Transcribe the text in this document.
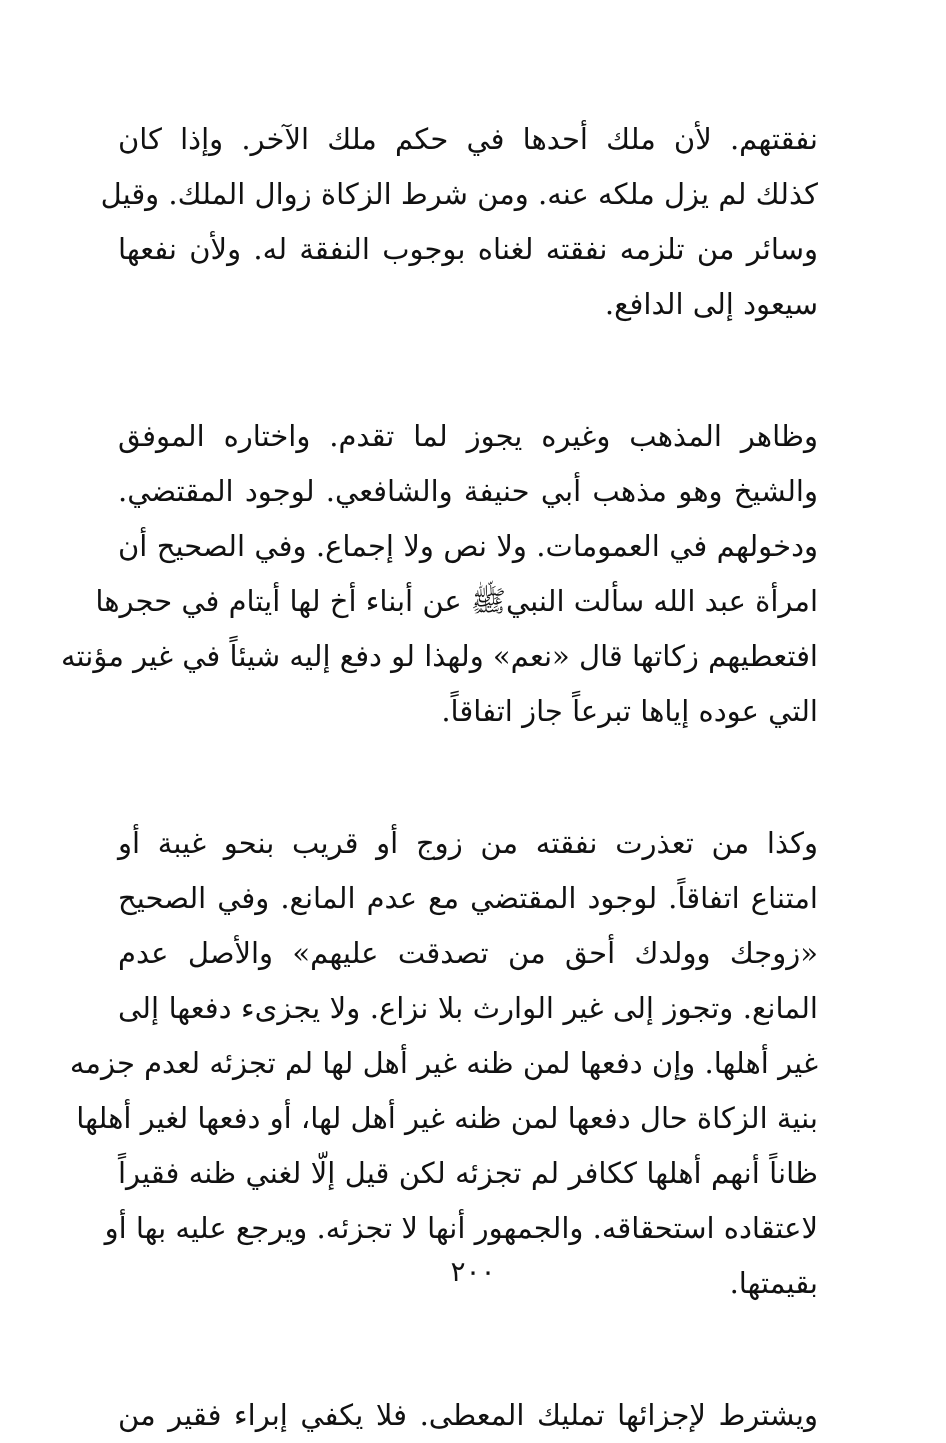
نفقتهم. لأن ملك أحدها في حكم ملك الآخر. وإذا كان
كذلك لم يزل ملكه عنه. ومن شرط الزكاة زوال الملك. وقيل
وسائر من تلزمه نفقته لغناه بوجوب النفقة له. ولأن نفعها
سيعود إلى الدافع.
وظاهر المذهب وغيره يجوز لما تقدم. واختاره الموفق
والشيخ وهو مذهب أبي حنيفة والشافعي. لوجود المقتضي.
ودخولهم في العمومات. ولا نص ولا إجماع. وفي الصحيح أن
امرأة عبد الله سألت النبيﷺ عن أبناء أخ لها أيتام في حجرها
افتعطيهم زكاتها قال «نعم» ولهذا لو دفع إليه شيئاً في غير مؤنته
التي عوده إياها تبرعاً جاز اتفاقاً.
وكذا من تعذرت نفقته من زوج أو قريب بنحو غيبة أو
امتناع اتفاقاً. لوجود المقتضي مع عدم المانع. وفي الصحيح
«زوجك وولدك أحق من تصدقت عليهم» والأصل عدم
المانع. وتجوز إلى غير الوارث بلا نزاع. ولا يجزىء دفعها إلى
غير أهلها. وإن دفعها لمن ظنه غير أهل لها لم تجزئه لعدم جزمه
بنية الزكاة حال دفعها لمن ظنه غير أهل لها، أو دفعها لغير أهلها
ظاناً أنهم أهلها ككافر لم تجزئه لكن قيل إلّا لغني ظنه فقيراً
لاعتقاده استحقاقه. والجمهور أنها لا تجزئه. ويرجع عليه بها أو
بقيمتها.
ويشترط لإجزائها تمليك المعطى. فلا يكفي إبراء فقير من
٢٠٠
